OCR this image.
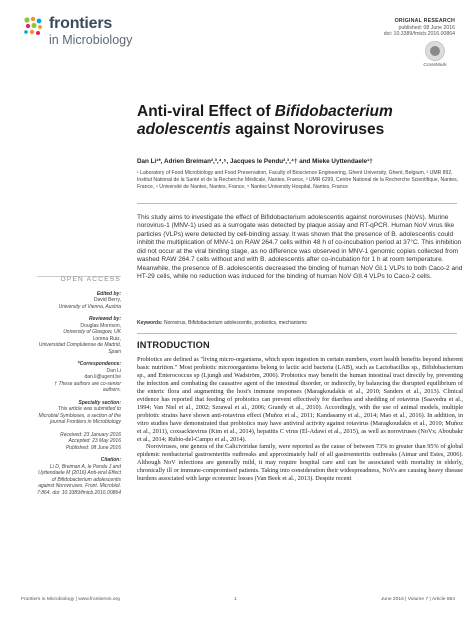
frontiers
in Microbiology
ORIGINAL RESEARCH
published: 08 June 2016
doi: 10.3389/fmicb.2016.00864
CrossMark
Anti-viral Effect of Bifidobacterium adolescentis against Noroviruses
Dan Li¹*, Adrien Breiman²,³,⁴,⁵, Jacques le Pendu²,³,⁴† and Mieke Uyttendaele¹†
¹ Laboratory of Food Microbiology and Food Preservation, Faculty of Bioscience Engineering, Ghent University, Ghent, Belgium, ² UMR 892, Institut National de la Santé et de la Recherche Médicale, Nantes, France, ³ UMR 6299, Centre National de la Recherche Scientifique, Nantes, France, ⁴ Université de Nantes, Nantes, France, ⁵ Nantes University Hospital, Nantes, France
This study aims to investigate the effect of Bifidobacterium adolescentis against noroviruses (NoVs). Murine norovirus-1 (MNV-1) used as a surrogate was detected by plaque assay and RT-qPCR. Human NoV virus like particles (VLPs) were detected by cell-binding assay. It was shown that the presence of B. adolescentis could inhibit the multiplication of MNV-1 on RAW 264.7 cells within 48 h of co-incubation period at 37°C. This inhibition did not occur at the viral binding stage, as no difference was observed in MNV-1 genomic copies collected from washed RAW 264.7 cells without and with B. adolescentis after co-incubation for 1 h at room temperature. Meanwhile, the presence of B. adolescentis decreased the binding of human NoV GI.1 VLPs to both Caco-2 and HT-29 cells, while no reduction was induced for the binding of human NoV GII.4 VLPs to Caco-2 cells.
Keywords: Norovirus, Bifidobacterium adolescentis, probiotics, mechanisms
INTRODUCTION

Probiotics are defined as "living micro-organisms, which upon ingestion in certain numbers, exert health benefits beyond inherent basic nutrition." Most probiotic microorganisms belong to lactic acid bacteria (LAB), such as Lactobacillus sp., Bifidobacterium sp., and Enterococcus sp (Ljungh and Wadström, 2006). Probiotics may benefit the human intestinal tract directly by, preventing the infection and combating the causative agent of the intestinal disorder, or indirectly, by balancing the disrupted equilibrium of the enteric flora and augmenting the host's immune responses (Maragkoudakis et al., 2010; Sanders et al., 2013). Clinical evidence has reported that feeding of probiotics can prevent effectively for diarrhea and shedding of rotavirus (Saavedra et al., 1994; Van Niel et al., 2002; Szrawal et al., 2006; Grandy et al., 2010). Accordingly, with the use of animal models, multiple probiotic strains have shown anti-rotavirus effect (Muñoz et al., 2011; Kandasamy et al., 2014; Mao et al., 2016). In addition, in vitro studies have demonstrated that probiotics may have antiviral activity against rotavirus (Maragkoudakis et al., 2010; Muñoz et al., 2011), coxsackievirus (Kim et al., 2014), hepatitis C virus (El-Adawi et al., 2015), as well as noroviruses (NoVs; Aboubakr et al., 2014; Rubio-del-Campo et al., 2014).

Noroviruses, one genera of the Caliciviridae family, were reported as the cause of between 73% to greater than 95% of global epidemic nonbacterial gastroenteritis outbreaks and approximately half of all gastroenteritis outbreaks (Atmar and Estes, 2006). Although NoV infections are generally mild, it may require hospital care and can be associated with mortality in elderly, chronically ill or immune-compromised patients. Taking into consideration their widespreadness, NoVs are causing heavy disease burdens associated with large economic losses (Van Beek et al., 2013). Despite recent

OPEN ACCESS
Edited by:
David Berry,
University of Vienna, Austria
Reviewed by:
Douglas Morrison,
University of Glasgow, UK
Lorena Ruiz,
Universidad Complutense de Madrid,
Spain
*Correspondence:
Dan Li
dan.li@ugent.be
† These authors are co-senior authors.
Specialty section:
This article was submitted to Microbial Symbioses, a section of the journal Frontiers in Microbiology
Received: 23 January 2016
Accepted: 23 May 2016
Published: 08 June 2016
Citation:
Li D, Breiman A, le Pendu J and Uyttendaele M (2016) Anti-viral Effect of Bifidobacterium adolescentis against Noroviruses. Front. Microbiol. 7:864. doi: 10.3389/fmicb.2016.00864
Frontiers in Microbiology | www.frontiersin.org	1	June 2016 | Volume 7 | Article 864
